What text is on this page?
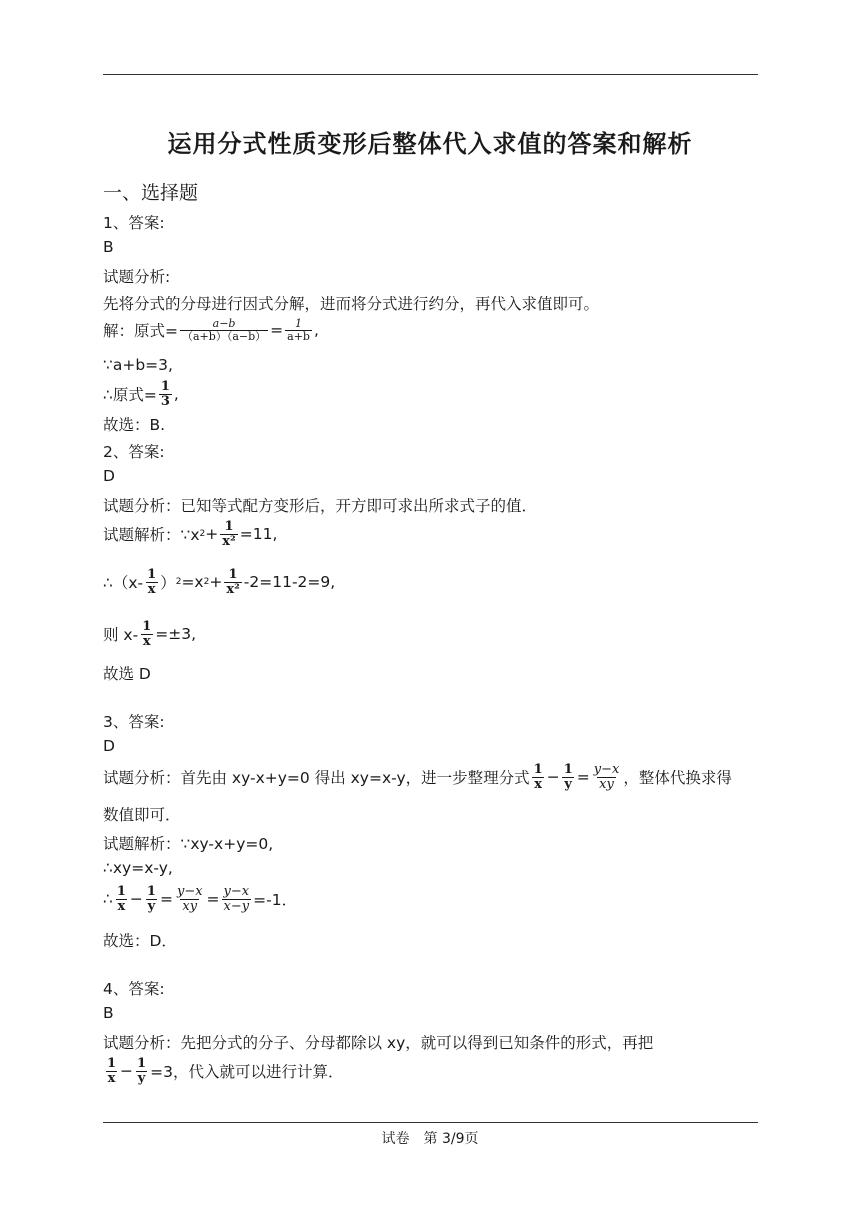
运用分式性质变形后整体代入求值的答案和解析
一、选择题
1、答案:
B
试题分析:
先将分式的分母进行因式分解，进而将分式进行约分，再代入求值即可。
解：原式= $\frac{a-b}{(a+b)(a-b)} = \frac{1}{a+b}$ ,
∵a+b=3,
∴原式= $\frac{1}{3}$ ,
故选：B.
2、答案:
D
试题分析：已知等式配方变形后，开方即可求出所求式子的值．
试题解析：∵x $2 + \frac{1}{\text{x²}} =11$,
∴（x- $\frac{1}{x}$ ） 2 =x $2 + \frac{1}{\text{x²}} -2=11-2=9$,
则 $x- \frac{1}{x} =\pm 3$,
故选 D
3、答案:
D
试题分析：首先由 xy-x+y=0 得出 xy=x-y，进一步整理分式 $\frac{1}{x} - \frac{1}{y} = \frac{y-x}{xy}$ ，整体代换求得
数值即可．
试题解析：∵xy-x+y=0,
∴xy=x-y,
∴ $\frac{1}{x} - \frac{1}{y} = \frac{y-x}{xy} = \frac{y-x}{x-y} =-1$．
故选：D．
4、答案:
B
试题分析：先把分式的分子、分母都除以 xy，就可以得到已知条件的形式，再把
$\frac{1}{x} - \frac{1}{y} =3$，代入就可以进行计算．
试卷　第 3/9页
